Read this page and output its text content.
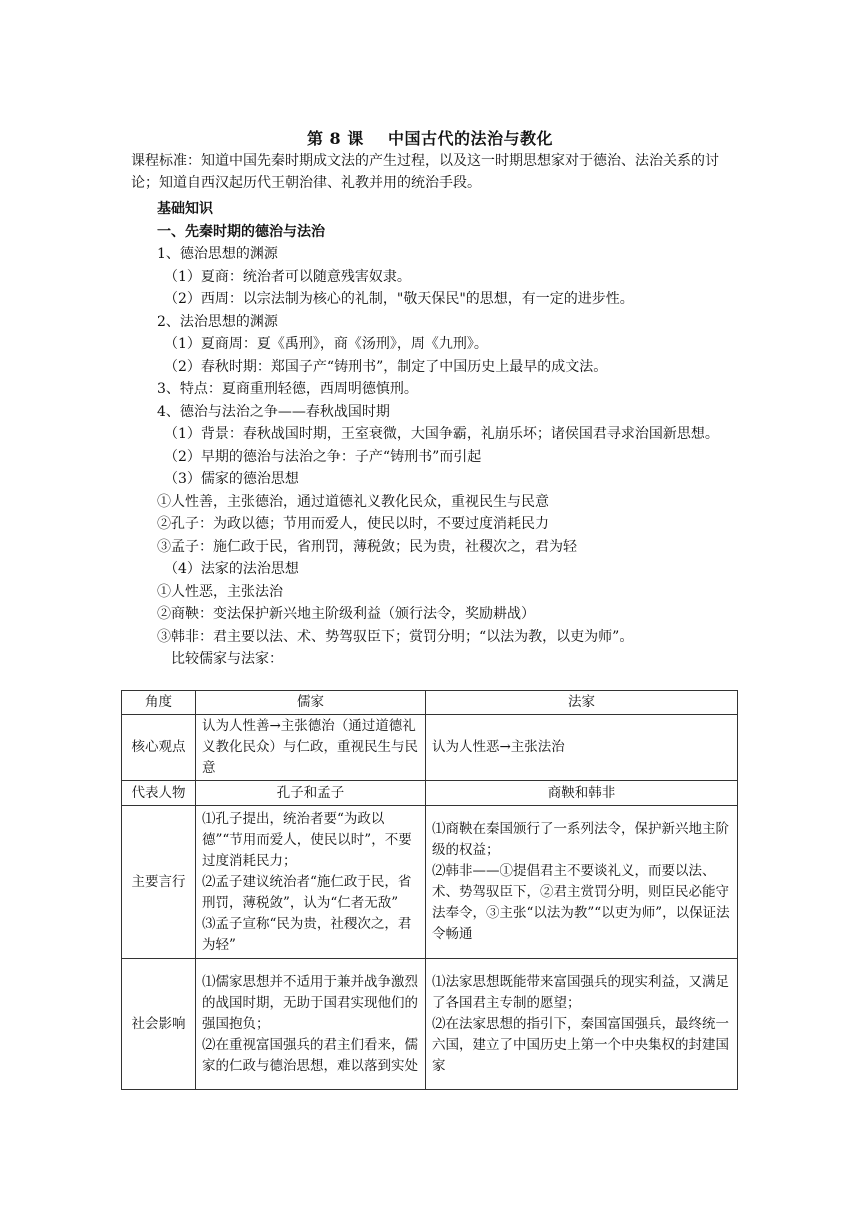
第 8 课    中国古代的法治与教化
课程标准：知道中国先秦时期成文法的产生过程，以及这一时期思想家对于德治、法治关系的讨论；知道自西汉起历代王朝治律、礼教并用的统治手段。
基础知识
一、先秦时期的德治与法治
1、德治思想的渊源
（1）夏商：统治者可以随意残害奴隶。
（2）西周：以宗法制为核心的礼制，"敬天保民"的思想，有一定的进步性。
2、法治思想的渊源
（1）夏商周：夏《禹刑》，商《汤刑》，周《九刑》。
（2）春秋时期：郑国子产“铸刑书”，制定了中国历史上最早的成文法。
3、特点：夏商重刑轻德，西周明德慎刑。
4、德治与法治之争——春秋战国时期
（1）背景：春秋战国时期，王室衰微，大国争霸，礼崩乐坏；诸侯国君寻求治国新思想。
（2）早期的德治与法治之争：子产“铸刑书”而引起
（3）儒家的德治思想
①人性善，主张德治，通过道德礼义教化民众，重视民生与民意
②孔子：为政以德；节用而爱人，使民以时，不要过度消耗民力
③孟子：施仁政于民，省刑罚，薄税敛；民为贵，社稷次之，君为轻
（4）法家的法治思想
①人性恶，主张法治
②商鞅：变法保护新兴地主阶级利益（颁行法令，奖励耕战）
③韩非：君主要以法、术、势驾驭臣下；赏罚分明；“以法为教，以吏为师”。
比较儒家与法家：
角度	儒家	法家
核心观点	认为人性善→主张德治（通过道德礼义教化民众）与仁政，重视民生与民意	认为人性恶→主张法治
代表人物	孔子和孟子	商鞅和韩非
主要言行	⑴孔子提出，统治者要“为政以德”“节用而爱人，使民以时”，不要过度消耗民力；
⑵孟子建议统治者“施仁政于民，省刑罚，薄税敛”，认为“仁者无敌”
⑶孟子宣称“民为贵，社稷次之，君为轻”	⑴商鞅在秦国颁行了一系列法令，保护新兴地主阶级的权益；
⑵韩非——①提倡君主不要谈礼义，而要以法、术、势驾驭臣下，②君主赏罚分明，则臣民必能守法奉令，③主张“以法为教”“以吏为师”，以保证法令畅通

社会影响	⑴儒家思想并不适用于兼并战争激烈的战国时期，无助于国君实现他们的强国抱负；
⑵在重视富国强兵的君主们看来，儒家的仁政与德治思想，难以落到实处	⑴法家思想既能带来富国强兵的现实利益，又满足了各国君主专制的愿望；
⑵在法家思想的指引下，秦国富国强兵，最终统一六国，建立了中国历史上第一个中央集权的封建国家
